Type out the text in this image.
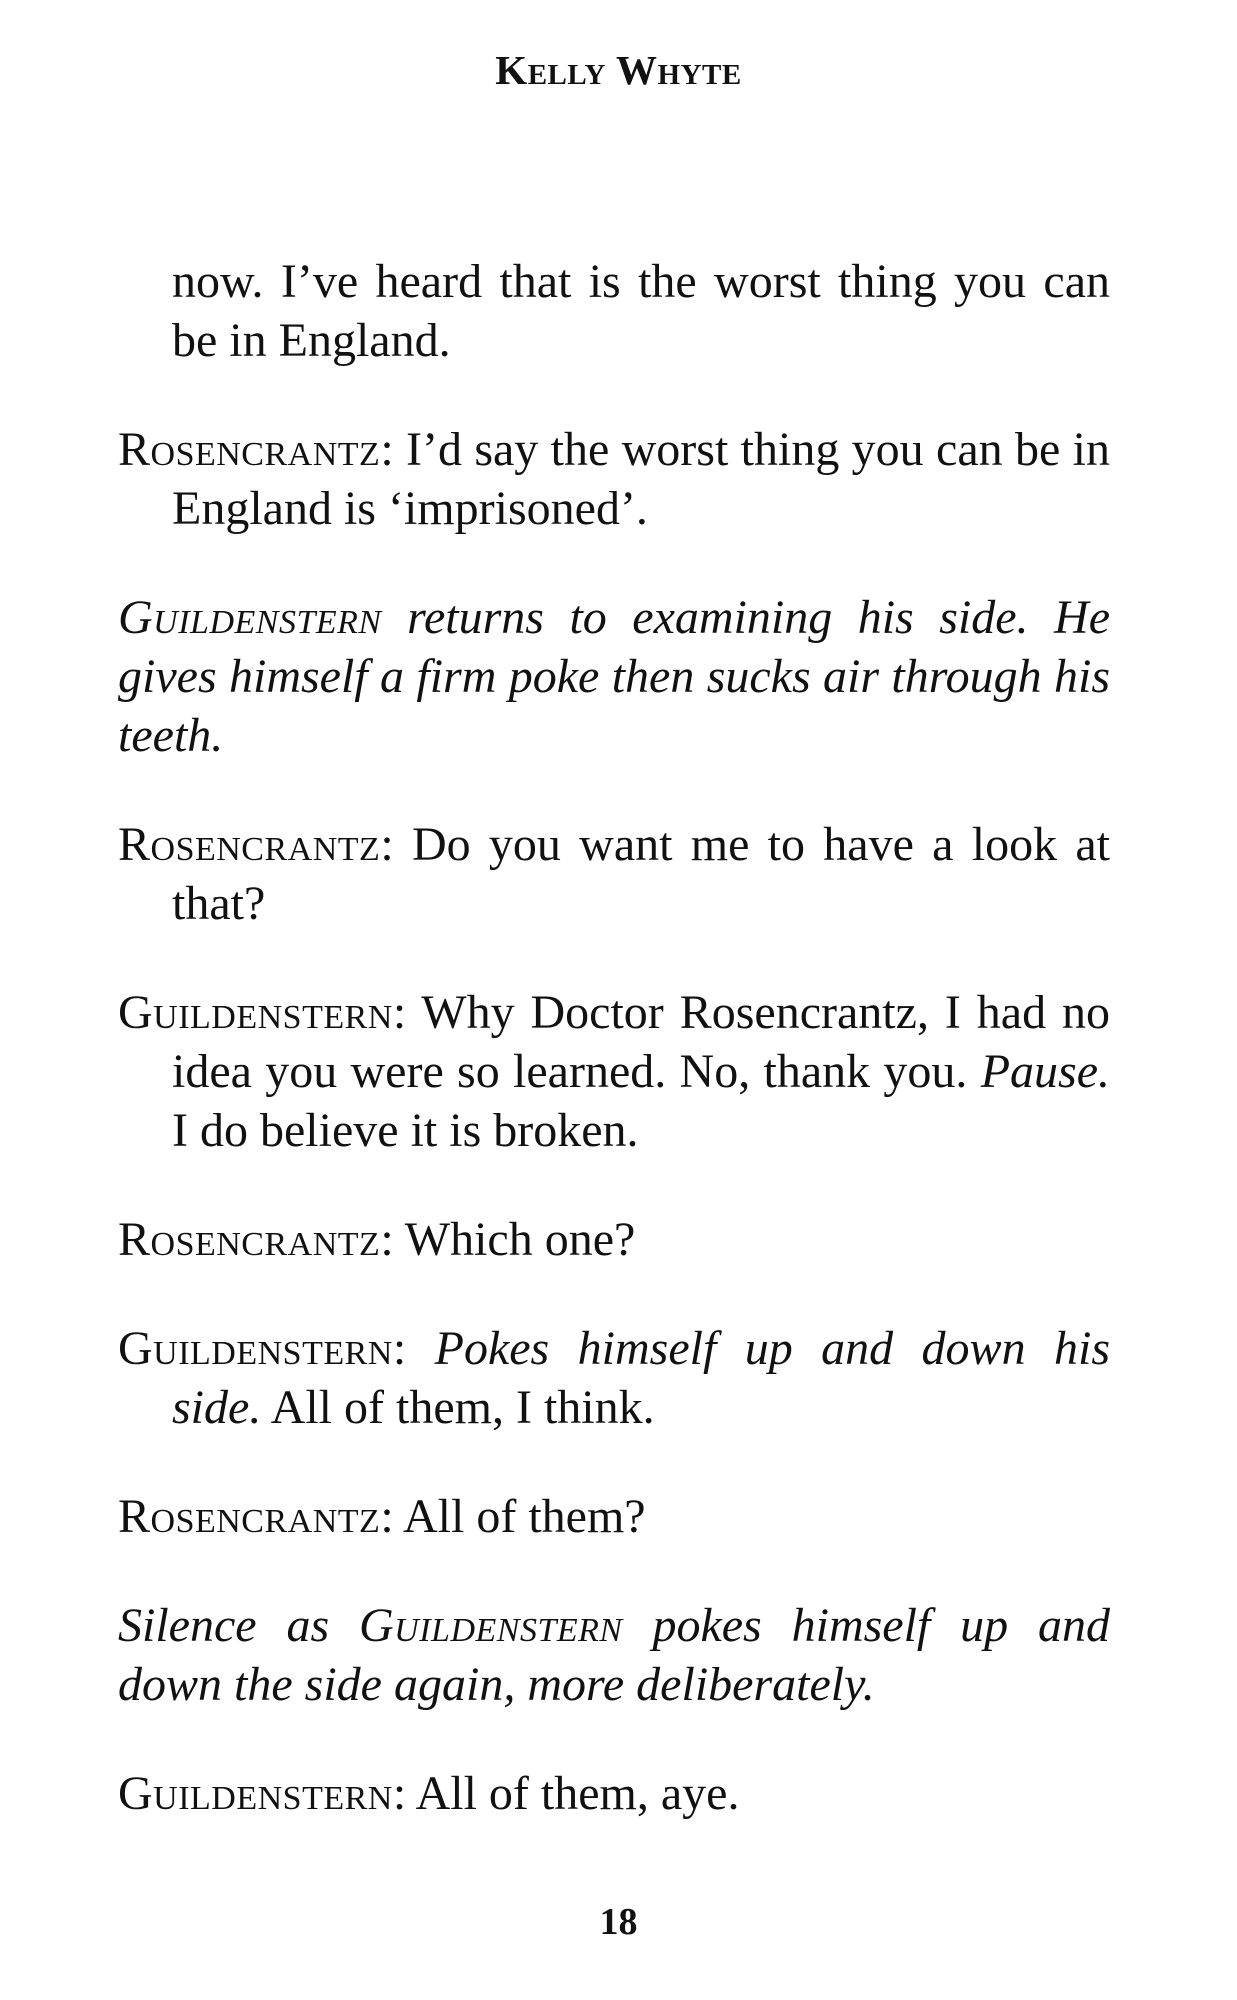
Kelly Whyte

now. I’ve heard that is the worst thing you can be in England.

Rosencrantz: I’d say the worst thing you can be in England is ‘imprisoned’.

Guildenstern returns to examining his side. He gives himself a firm poke then sucks air through his teeth.

Rosencrantz: Do you want me to have a look at that?

Guildenstern: Why Doctor Rosencrantz, I had no idea you were so learned. No, thank you. Pause. I do believe it is broken.

Rosencrantz: Which one?

Guildenstern: Pokes himself up and down his side. All of them, I think.

Rosencrantz: All of them?

Silence as Guildenstern pokes himself up and down the side again, more deliberately.

Guildenstern: All of them, aye.

18
